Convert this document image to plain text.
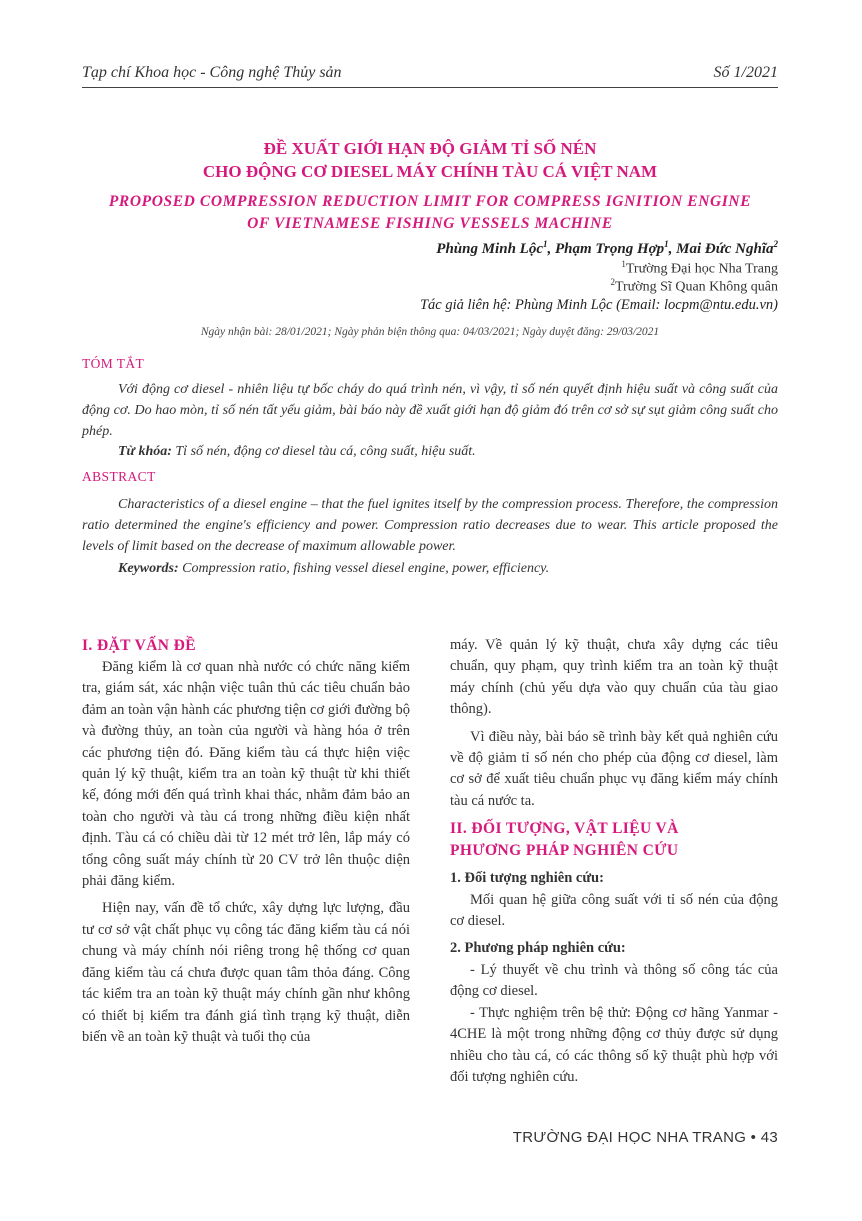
Tạp chí Khoa học - Công nghệ Thủy sản	Số 1/2021
ĐỀ XUẤT GIỚI HẠN ĐỘ GIẢM TỈ SỐ NÉN
CHO ĐỘNG CƠ DIESEL MÁY CHÍNH TÀU CÁ VIỆT NAM
PROPOSED COMPRESSION REDUCTION LIMIT FOR COMPRESS IGNITION ENGINE
OF VIETNAMESE FISHING VESSELS MACHINE
Phùng Minh Lộc$^1$, Phạm Trọng Hợp$^1$, Mai Đức Nghĩa$^2$
$^1$Trường Đại học Nha Trang
$^2$Trường Sĩ Quan Không quân
Tác giả liên hệ: Phùng Minh Lộc (Email: locpm@ntu.edu.vn)
Ngày nhận bài: 28/01/2021; Ngày phản biện thông qua: 04/03/2021; Ngày duyệt đăng: 29/03/2021
TÓM TẮT
Với động cơ diesel - nhiên liệu tự bốc cháy do quá trình nén, vì vậy, tỉ số nén quyết định hiệu suất và công suất của động cơ. Do hao mòn, tỉ số nén tất yếu giảm, bài báo này đề xuất giới hạn độ giảm đó trên cơ sở sự sụt giảm công suất cho phép.
Từ khóa: Tỉ số nén, động cơ diesel tàu cá, công suất, hiệu suất.
ABSTRACT
Characteristics of a diesel engine – that the fuel ignites itself by the compression process. Therefore, the compression ratio determined the engine's efficiency and power. Compression ratio decreases due to wear. This article proposed the levels of limit based on the decrease of maximum allowable power.
Keywords: Compression ratio, fishing vessel diesel engine, power, efficiency.
I. ĐẶT VẤN ĐỀ

Đăng kiểm là cơ quan nhà nước có chức năng kiểm tra, giám sát, xác nhận việc tuân thủ các tiêu chuẩn bảo đảm an toàn vận hành các phương tiện cơ giới đường bộ và đường thủy, an toàn của người và hàng hóa ở trên các phương tiện đó. Đăng kiểm tàu cá thực hiện việc quản lý kỹ thuật, kiểm tra an toàn kỹ thuật từ khi thiết kế, đóng mới đến quá trình khai thác, nhằm đảm bảo an toàn cho người và tàu cá trong những điều kiện nhất định. Tàu cá có chiều dài từ 12 mét trở lên, lắp máy có tổng công suất máy chính từ 20 CV trở lên thuộc diện phải đăng kiểm.

Hiện nay, vấn đề tổ chức, xây dựng lực lượng, đầu tư cơ sở vật chất phục vụ công tác đăng kiểm tàu cá nói chung và máy chính nói riêng trong hệ thống cơ quan đăng kiểm tàu cá chưa được quan tâm thỏa đáng. Công tác kiểm tra an toàn kỹ thuật máy chính gần như không có thiết bị kiểm tra đánh giá tình trạng kỹ thuật, diễn biến về an toàn kỹ thuật và tuổi thọ của

máy. Về quản lý kỹ thuật, chưa xây dựng các tiêu chuẩn, quy phạm, quy trình kiểm tra an toàn kỹ thuật máy chính (chủ yếu dựa vào quy chuẩn của tàu giao thông).

Vì điều này, bài báo sẽ trình bày kết quả nghiên cứu về độ giảm tỉ số nén cho phép của động cơ diesel, làm cơ sở để xuất tiêu chuẩn phục vụ đăng kiểm máy chính tàu cá nước ta.

II. ĐỐI TƯỢNG, VẬT LIỆU VÀ
PHƯƠNG PHÁP NGHIÊN CỨU
1. Đối tượng nghiên cứu:

Mối quan hệ giữa công suất với tỉ số nén của động cơ diesel.

2. Phương pháp nghiên cứu:

- Lý thuyết về chu trình và thông số công tác của động cơ diesel.

- Thực nghiệm trên bệ thử: Động cơ hãng Yanmar - 4CHE là một trong những động cơ thủy được sử dụng nhiều cho tàu cá, có các thông số kỹ thuật phù hợp với đối tượng nghiên cứu.

TRƯỜNG ĐẠI HỌC NHA TRANG • 43
